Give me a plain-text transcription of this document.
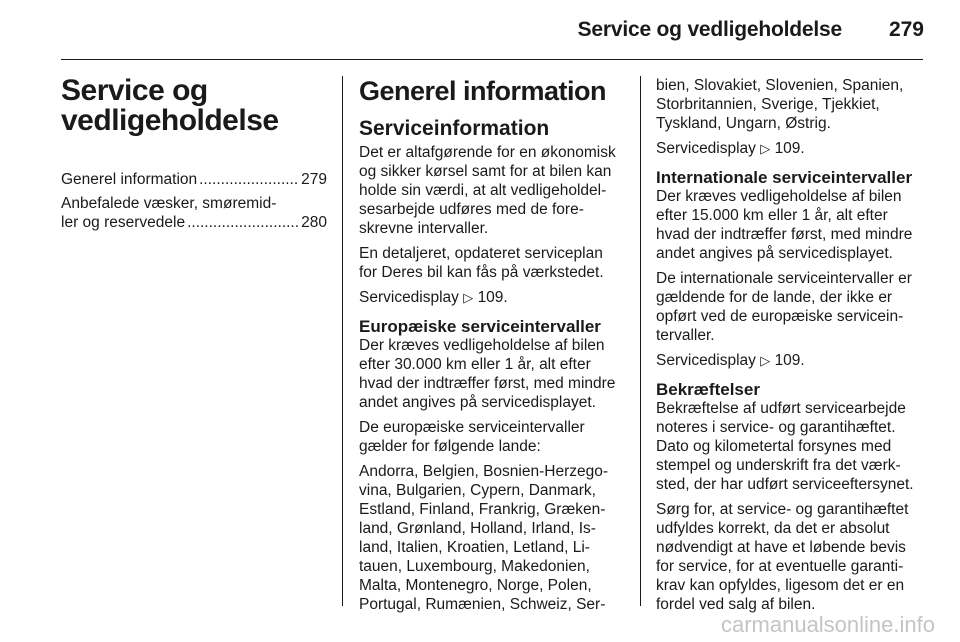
Service og vedligeholdelse	279
Service og
vedligeholdelse
Generel information .....	279
Anbefalede væsker, smøremid-
ler og reservedele .....	280
Generel information
Serviceinformation
Det er altafgørende for en økonomisk
og sikker kørsel samt for at bilen kan
holde sin værdi, at alt vedligeholdel-
sesarbejde udføres med de fore-
skrevne intervaller.
En detaljeret, opdateret serviceplan
for Deres bil kan fås på værkstedet.
Servicedisplay ▷ 109.
Europæiske serviceintervaller
Der kræves vedligeholdelse af bilen
efter 30.000 km eller 1 år, alt efter
hvad der indtræffer først, med mindre
andet angives på servicedisplayet.
De europæiske serviceintervaller
gælder for følgende lande:
Andorra, Belgien, Bosnien-Herzego-
vina, Bulgarien, Cypern, Danmark,
Estland, Finland, Frankrig, Græken-
land, Grønland, Holland, Irland, Is-
land, Italien, Kroatien, Letland, Li-
tauen, Luxembourg, Makedonien,
Malta, Montenegro, Norge, Polen,
Portugal, Rumænien, Schweiz, Ser-
bien, Slovakiet, Slovenien, Spanien,
Storbritannien, Sverige, Tjekkiet,
Tyskland, Ungarn, Østrig.
Servicedisplay ▷ 109.
Internationale serviceintervaller
Der kræves vedligeholdelse af bilen
efter 15.000 km eller 1 år, alt efter
hvad der indtræffer først, med mindre
andet angives på servicedisplayet.
De internationale serviceintervaller er
gældende for de lande, der ikke er
opført ved de europæiske servicein-
tervaller.
Servicedisplay ▷ 109.
Bekræftelser
Bekræftelse af udført servicearbejde
noteres i service- og garantihæftet.
Dato og kilometertal forsynes med
stempel og underskrift fra det værk-
sted, der har udført serviceeftersynet.
Sørg for, at service- og garantihæftet
udfyldes korrekt, da det er absolut
nødvendigt at have et løbende bevis
for service, for at eventuelle garanti-
krav kan opfyldes, ligesom det er en
fordel ved salg af bilen.
carmanualsonline.info
